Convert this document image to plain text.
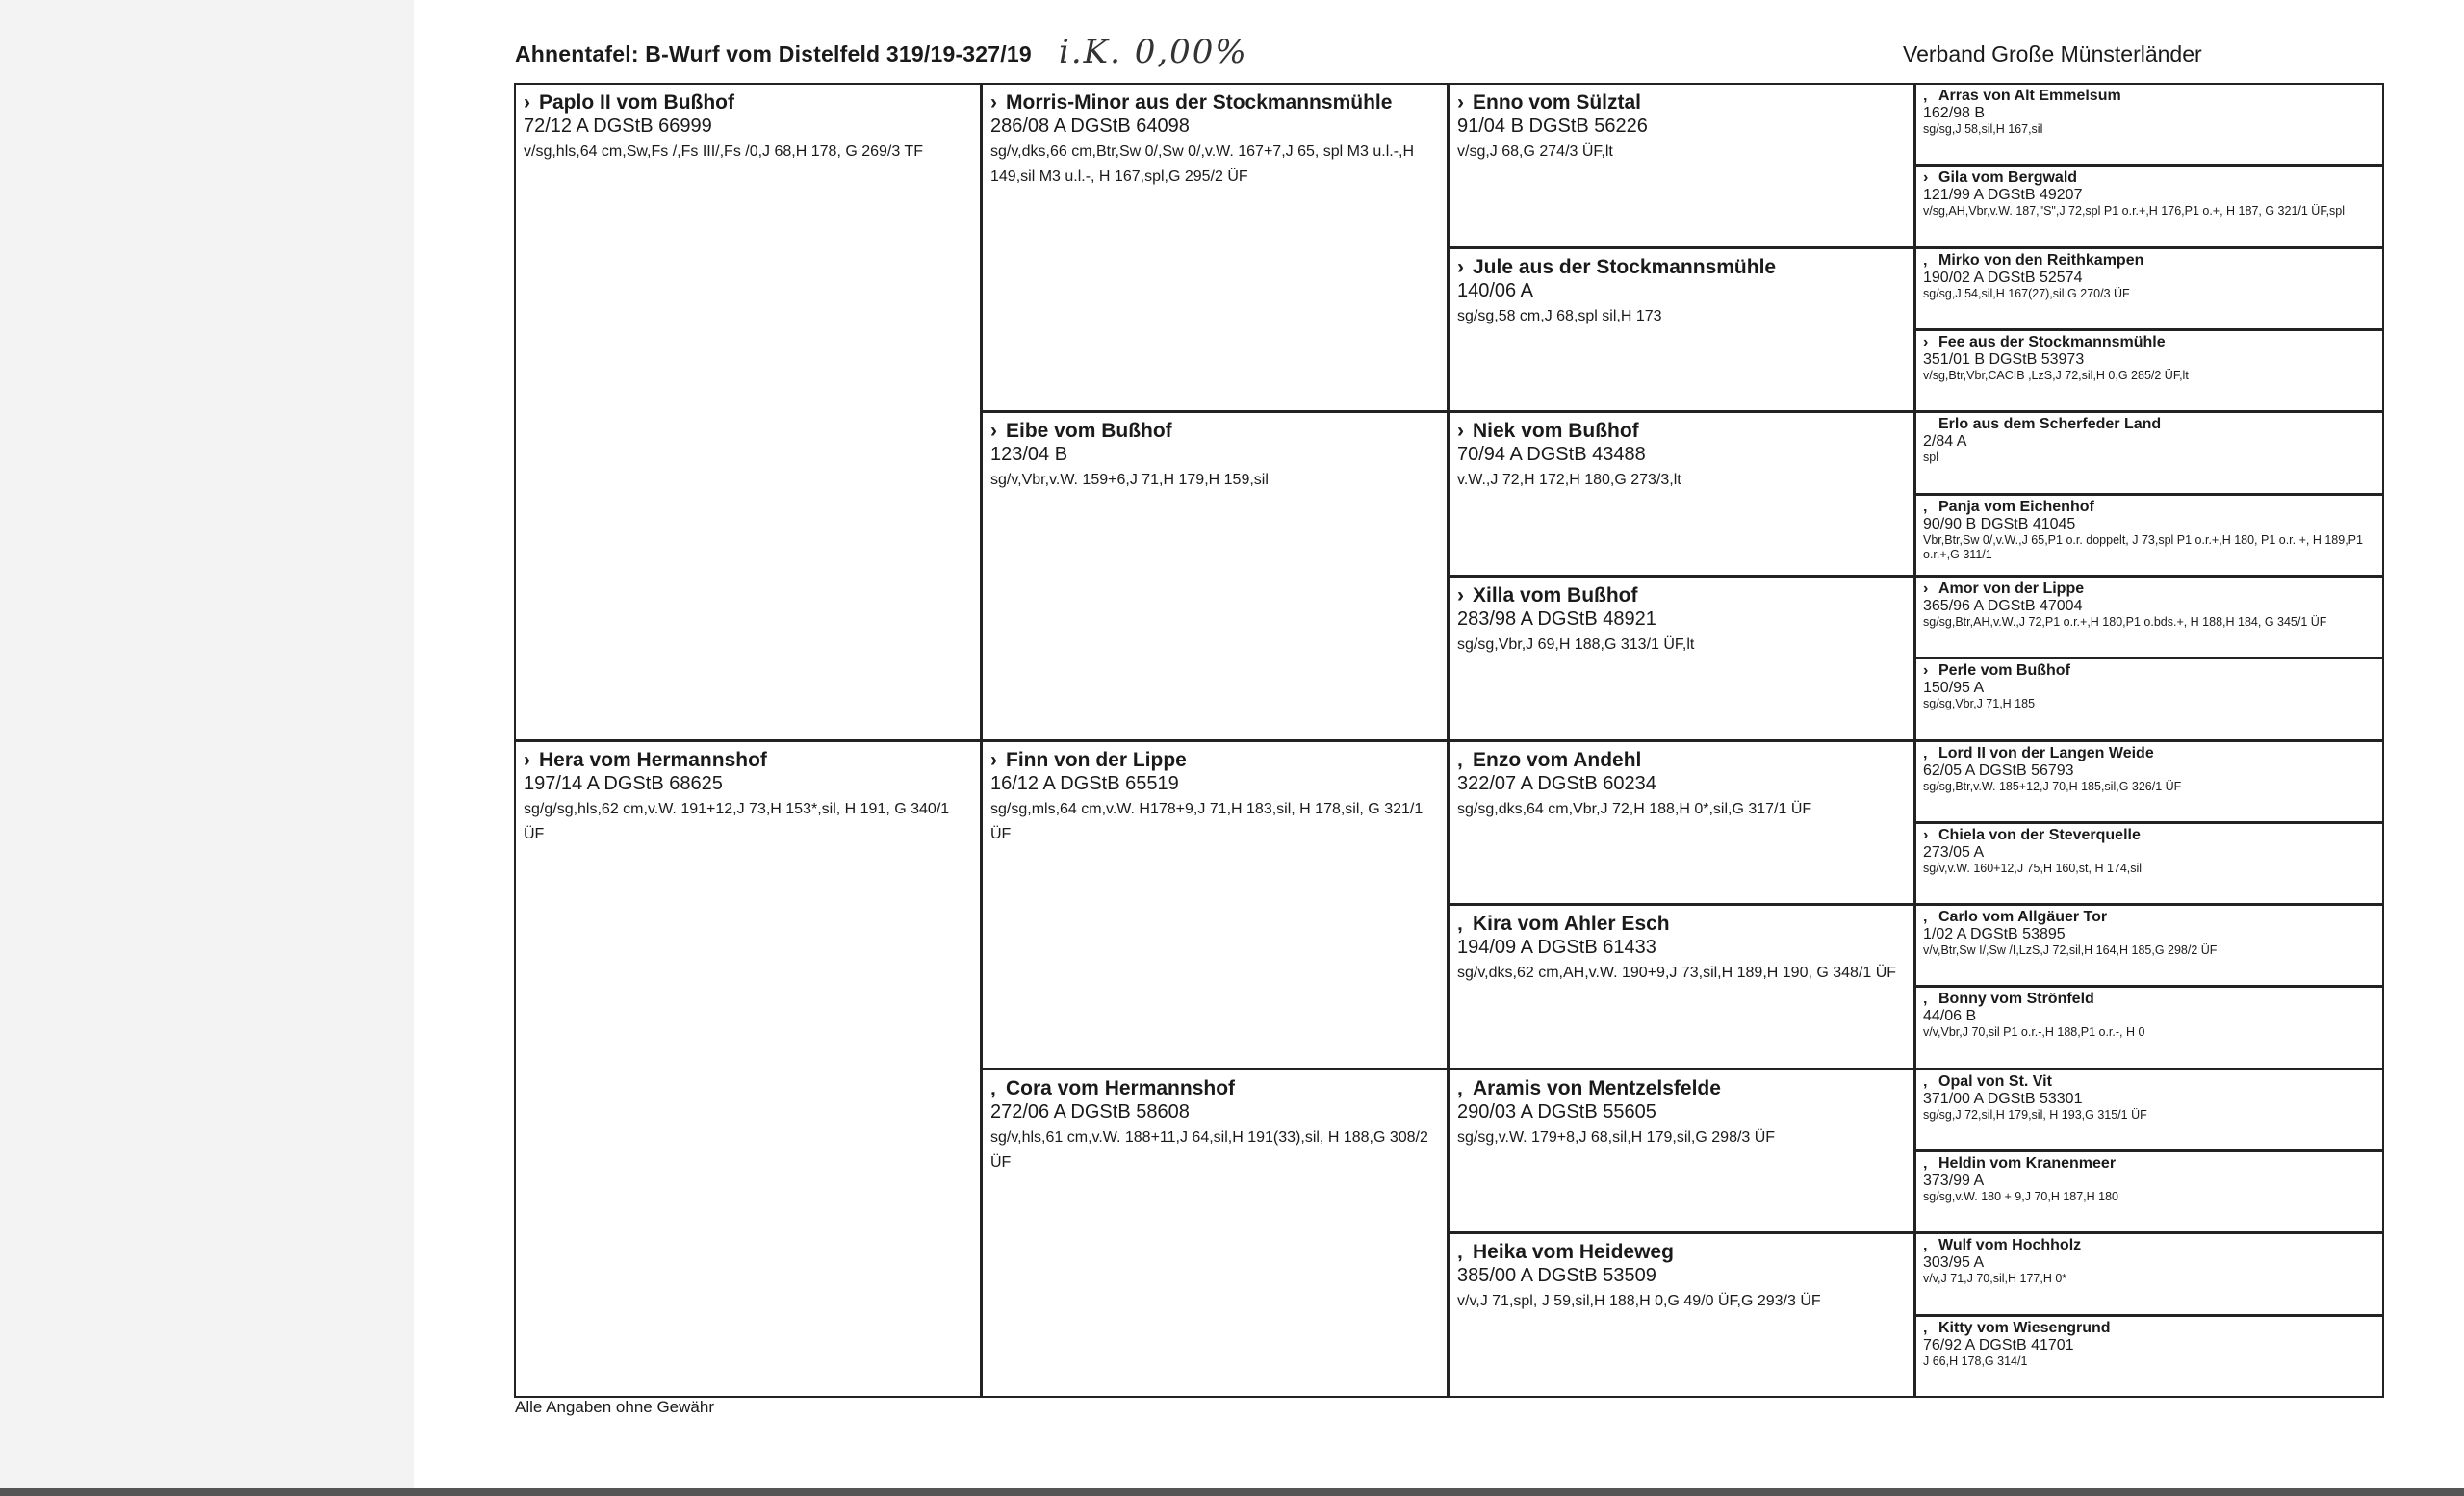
Ahnentafel: B-Wurf vom Distelfeld 319/19-327/19 i.K. 0,00%	Verband Große Münsterländer
› Paplo II vom Bußhof
72/12 A DGStB 66999
v/sg,hls,64 cm,Sw,Fs /,Fs III/,Fs /0,J 68,H 178, G 269/3 TF
› Hera vom Hermannshof
197/14 A DGStB 68625
sg/g/sg,hls,62 cm,v.W. 191+12,J 73,H 153*,sil, H 191, G 340/1 ÜF
› Morris-Minor aus der Stockmannsmühle
286/08 A DGStB 64098
sg/v,dks,66 cm,Btr,Sw 0/,Sw 0/,v.W. 167+7,J 65, spl M3 u.l.-,H 149,sil M3 u.l.-, H 167,spl,G 295/2 ÜF
› Eibe vom Bußhof
123/04 B
sg/v,Vbr,v.W. 159+6,J 71,H 179,H 159,sil
› Finn von der Lippe
16/12 A DGStB 65519
sg/sg,mls,64 cm,v.W. H178+9,J 71,H 183,sil, H 178,sil, G 321/1 ÜF
‚ Cora vom Hermannshof
272/06 A DGStB 58608
sg/v,hls,61 cm,v.W. 188+11,J 64,sil,H 191(33),sil, H 188,G 308/2 ÜF
› Enno vom Sülztal
91/04 B DGStB 56226
v/sg,J 68,G 274/3 ÜF,lt
› Jule aus der Stockmannsmühle
140/06 A
sg/sg,58 cm,J 68,spl sil,H 173
› Niek vom Bußhof
70/94 A DGStB 43488
v.W.,J 72,H 172,H 180,G 273/3,lt
› Xilla vom Bußhof
283/98 A DGStB 48921
sg/sg,Vbr,J 69,H 188,G 313/1 ÜF,lt
‚ Enzo vom Andehl
322/07 A DGStB 60234
sg/sg,dks,64 cm,Vbr,J 72,H 188,H 0*,sil,G 317/1 ÜF
‚ Kira vom Ahler Esch
194/09 A DGStB 61433
sg/v,dks,62 cm,AH,v.W. 190+9,J 73,sil,H 189,H 190, G 348/1 ÜF
‚ Aramis von Mentzelsfelde
290/03 A DGStB 55605
sg/sg,v.W. 179+8,J 68,sil,H 179,sil,G 298/3 ÜF
‚ Heika vom Heideweg
385/00 A DGStB 53509
v/v,J 71,spl, J 59,sil,H 188,H 0,G 49/0 ÜF,G 293/3 ÜF
‚ Arras von Alt Emmelsum
162/98 B
sg/sg,J 58,sil,H 167,sil
› Gila vom Bergwald
121/99 A DGStB 49207
v/sg,AH,Vbr,v.W. 187,"S",J 72,spl P1 o.r.+,H 176,P1 o.+, H 187, G 321/1 ÜF,spl
‚ Mirko von den Reithkampen
190/02 A DGStB 52574
sg/sg,J 54,sil,H 167(27),sil,G 270/3 ÜF
› Fee aus der Stockmannsmühle
351/01 B DGStB 53973
v/sg,Btr,Vbr,CACIB ,LzS,J 72,sil,H 0,G 285/2 ÜF,lt
Erlo aus dem Scherfeder Land
2/84 A
spl
‚ Panja vom Eichenhof
90/90 B DGStB 41045
Vbr,Btr,Sw 0/,v.W.,J 65,P1 o.r. doppelt, J 73,spl P1 o.r.+,H 180, P1 o.r. +, H 189,P1 o.r.+,G 311/1
› Amor von der Lippe
365/96 A DGStB 47004
sg/sg,Btr,AH,v.W.,J 72,P1 o.r.+,H 180,P1 o.bds.+, H 188,H 184, G 345/1 ÜF
› Perle vom Bußhof
150/95 A
sg/sg,Vbr,J 71,H 185
‚ Lord II von der Langen Weide
62/05 A DGStB 56793
sg/sg,Btr,v.W. 185+12,J 70,H 185,sil,G 326/1 ÜF
› Chiela von der Steverquelle
273/05 A
sg/v,v.W. 160+12,J 75,H 160,st, H 174,sil
‚ Carlo vom Allgäuer Tor
1/02 A DGStB 53895
v/v,Btr,Sw I/,Sw /I,LzS,J 72,sil,H 164,H 185,G 298/2 ÜF
‚ Bonny vom Strönfeld
44/06 B
v/v,Vbr,J 70,sil P1 o.r.-,H 188,P1 o.r.-, H 0
‚ Opal von St. Vit
371/00 A DGStB 53301
sg/sg,J 72,sil,H 179,sil, H 193,G 315/1 ÜF
‚ Heldin vom Kranenmeer
373/99 A
sg/sg,v.W. 180 + 9,J 70,H 187,H 180
‚ Wulf vom Hochholz
303/95 A
v/v,J 71,J 70,sil,H 177,H 0*
‚ Kitty vom Wiesengrund
76/92 A DGStB 41701
J 66,H 178,G 314/1
Alle Angaben ohne Gewähr
